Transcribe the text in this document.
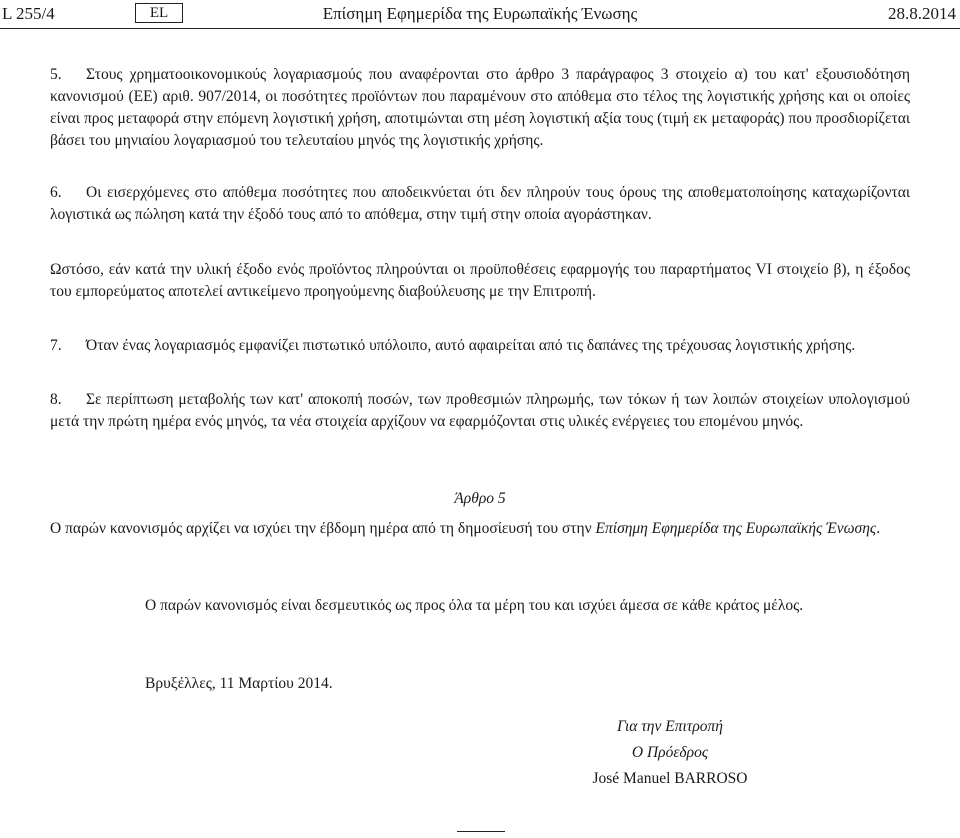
L 255/4	Επίσημη Εφημερίδα της Ευρωπαϊκής Ένωσης
EL	28.8.2014

5. Στους χρηματοοικονομικούς λογαριασμούς που αναφέρονται στο άρθρο 3 παράγραφος 3 στοιχείο α) του κατ' εξουσιοδότηση κανονισμού (ΕΕ) αριθ. 907/2014, οι ποσότητες προϊόντων που παραμένουν στο απόθεμα στο τέλος της λογιστικής χρήσης και οι οποίες είναι προς μεταφορά στην επόμενη λογιστική χρήση, αποτιμώνται στη μέση λογιστική αξία τους (τιμή εκ μεταφοράς) που προσδιορίζεται βάσει του μηνιαίου λογαριασμού του τελευταίου μηνός της λογιστικής χρήσης.

6. Οι εισερχόμενες στο απόθεμα ποσότητες που αποδεικνύεται ότι δεν πληρούν τους όρους της αποθεματοποίησης καταχωρίζονται λογιστικά ως πώληση κατά την έξοδό τους από το απόθεμα, στην τιμή στην οποία αγοράστηκαν.

Ωστόσο, εάν κατά την υλική έξοδο ενός προϊόντος πληρούνται οι προϋποθέσεις εφαρμογής του παραρτήματος VI στοιχείο β), η έξοδος του εμπορεύματος αποτελεί αντικείμενο προηγούμενης διαβούλευσης με την Επιτροπή.

7. Όταν ένας λογαριασμός εμφανίζει πιστωτικό υπόλοιπο, αυτό αφαιρείται από τις δαπάνες της τρέχουσας λογιστικής χρήσης.

8. Σε περίπτωση μεταβολής των κατ' αποκοπή ποσών, των προθεσμιών πληρωμής, των τόκων ή των λοιπών στοιχείων υπολογισμού μετά την πρώτη ημέρα ενός μηνός, τα νέα στοιχεία αρχίζουν να εφαρμόζονται στις υλικές ενέργειες του επομένου μηνός.

Άρθρο 5

Ο παρών κανονισμός αρχίζει να ισχύει την έβδομη ημέρα από τη δημοσίευσή του στην Επίσημη Εφημερίδα της Ευρωπαϊκής Ένωσης.

Ο παρών κανονισμός είναι δεσμευτικός ως προς όλα τα μέρη του και ισχύει άμεσα σε κάθε κράτος μέλος.

Βρυξέλλες, 11 Μαρτίου 2014.

Για την Επιτροπή

Ο Πρόεδρος

José Manuel BARROSO
